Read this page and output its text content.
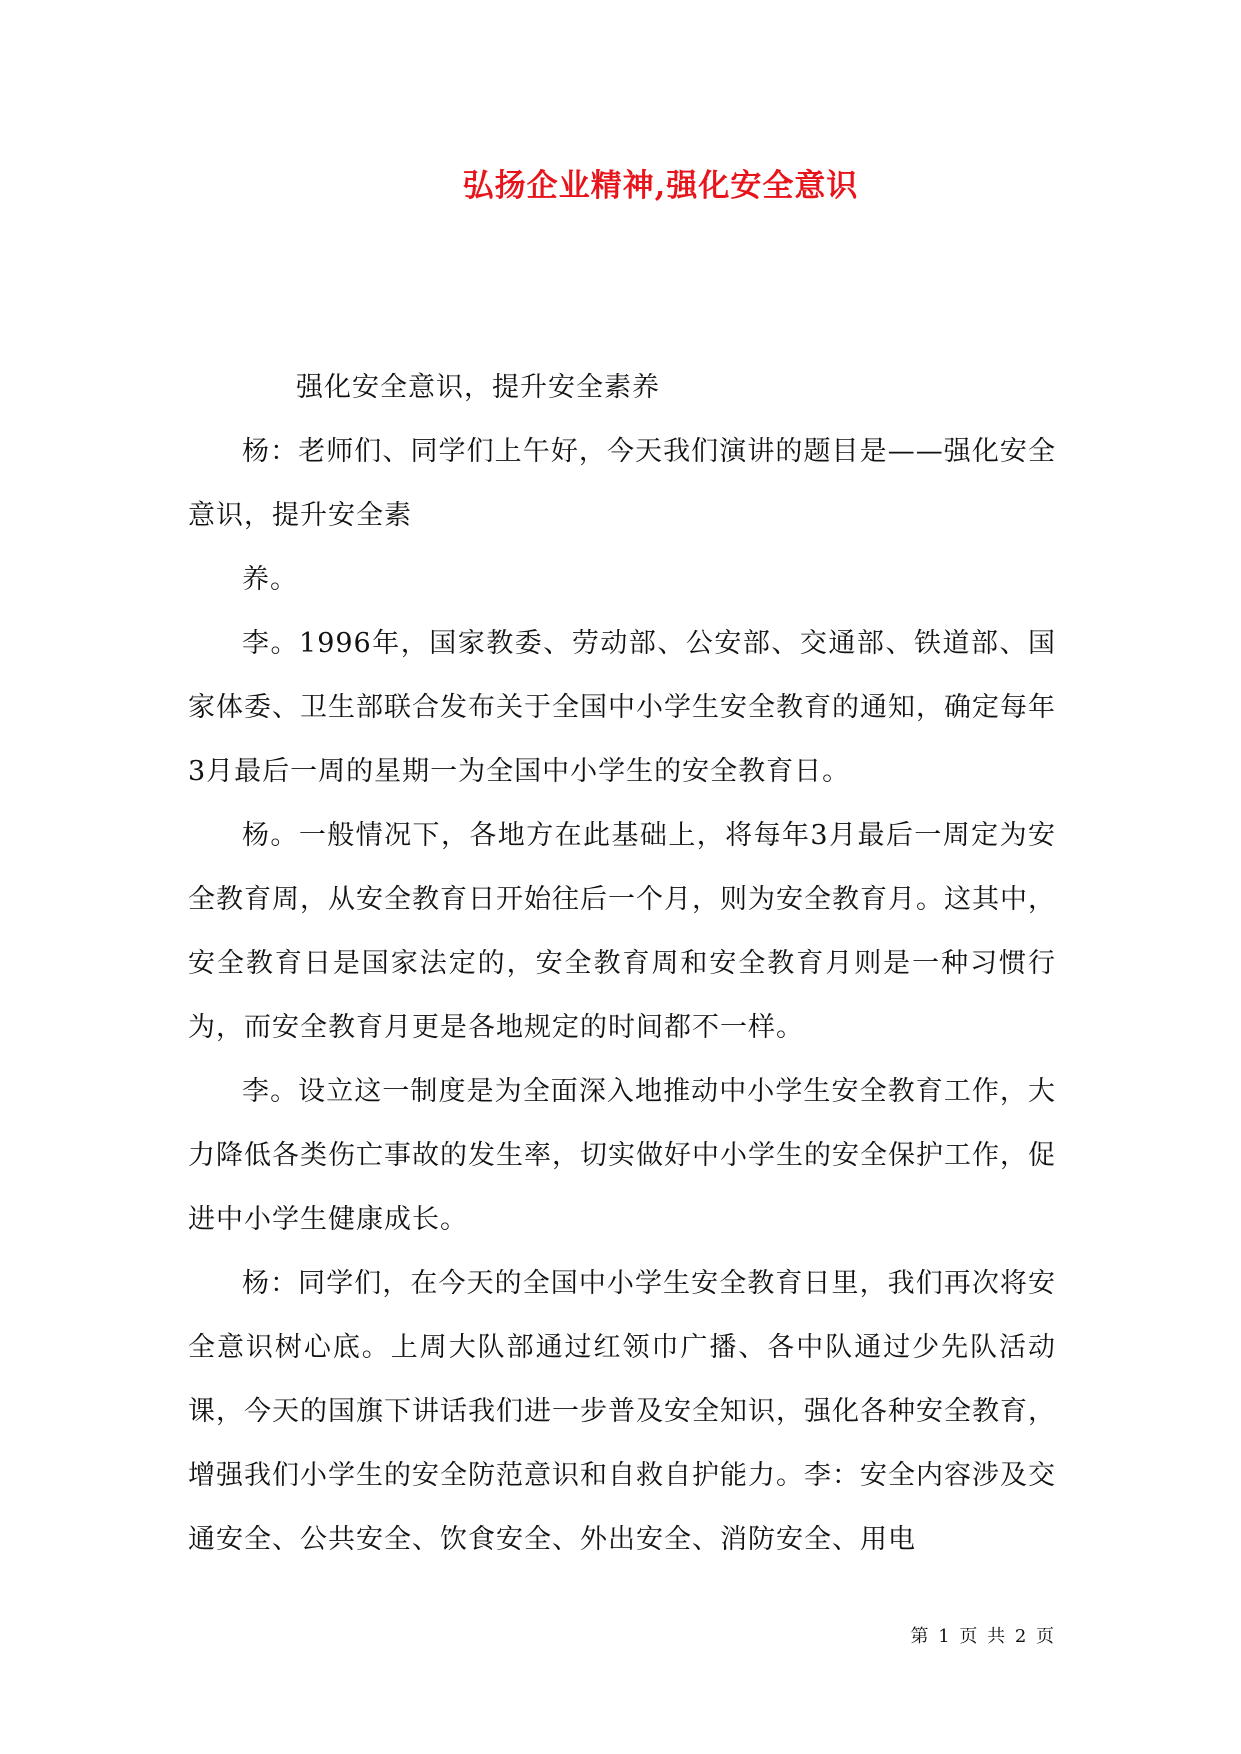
弘扬企业精神,强化安全意识

强化安全意识，提升安全素养

杨：老师们、同学们上午好，今天我们演讲的题目是——强化安全意识，提升安全素

养。

李。1996年，国家教委、劳动部、公安部、交通部、铁道部、国家体委、卫生部联合发布关于全国中小学生安全教育的通知，确定每年3月最后一周的星期一为全国中小学生的安全教育日。

杨。一般情况下，各地方在此基础上，将每年3月最后一周定为安全教育周，从安全教育日开始往后一个月，则为安全教育月。这其中，安全教育日是国家法定的，安全教育周和安全教育月则是一种习惯行为，而安全教育月更是各地规定的时间都不一样。

李。设立这一制度是为全面深入地推动中小学生安全教育工作，大力降低各类伤亡事故的发生率，切实做好中小学生的安全保护工作，促进中小学生健康成长。

杨：同学们，在今天的全国中小学生安全教育日里，我们再次将安全意识树心底。上周大队部通过红领巾广播、各中队通过少先队活动课，今天的国旗下讲话我们进一步普及安全知识，强化各种安全教育，增强我们小学生的安全防范意识和自救自护能力。李：安全内容涉及交通安全、公共安全、饮食安全、外出安全、消防安全、用电

第 1 页 共 2 页
